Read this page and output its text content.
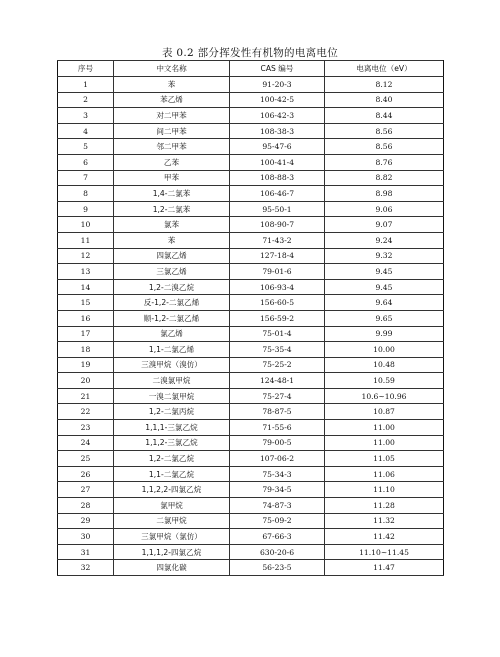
表 0.2 部分挥发性有机物的电离电位
序号	中文名称	CAS 编号	电离电位（eV）
1	苯	91-20-3	8.12
2	苯乙烯	100-42-5	8.40
3	对二甲苯	106-42-3	8.44
4	间二甲苯	108-38-3	8.56
5	邻二甲苯	95-47-6	8.56
6	乙苯	100-41-4	8.76
7	甲苯	108-88-3	8.82
8	1,4-二氯苯	106-46-7	8.98
9	1,2-二氯苯	95-50-1	9.06
10	氯苯	108-90-7	9.07
11	苯	71-43-2	9.24
12	四氯乙烯	127-18-4	9.32
13	三氯乙烯	79-01-6	9.45
14	1,2-二溴乙烷	106-93-4	9.45
15	反-1,2-二氯乙烯	156-60-5	9.64
16	顺-1,2-二氯乙烯	156-59-2	9.65
17	氯乙烯	75-01-4	9.99
18	1,1-二氯乙烯	75-35-4	10.00
19	三溴甲烷（溴仿）	75-25-2	10.48
20	二溴氯甲烷	124-48-1	10.59
21	一溴二氯甲烷	75-27-4	10.6~10.96
22	1,2-二氯丙烷	78-87-5	10.87
23	1,1,1-三氯乙烷	71-55-6	11.00
24	1,1,2-三氯乙烷	79-00-5	11.00
25	1,2-二氯乙烷	107-06-2	11.05
26	1,1-二氯乙烷	75-34-3	11.06
27	1,1,2,2-四氯乙烷	79-34-5	11.10
28	氯甲烷	74-87-3	11.28
29	二氯甲烷	75-09-2	11.32
30	三氯甲烷（氯仿）	67-66-3	11.42
31	1,1,1,2-四氯乙烷	630-20-6	11.10~11.45
32	四氯化碳	56-23-5	11.47
